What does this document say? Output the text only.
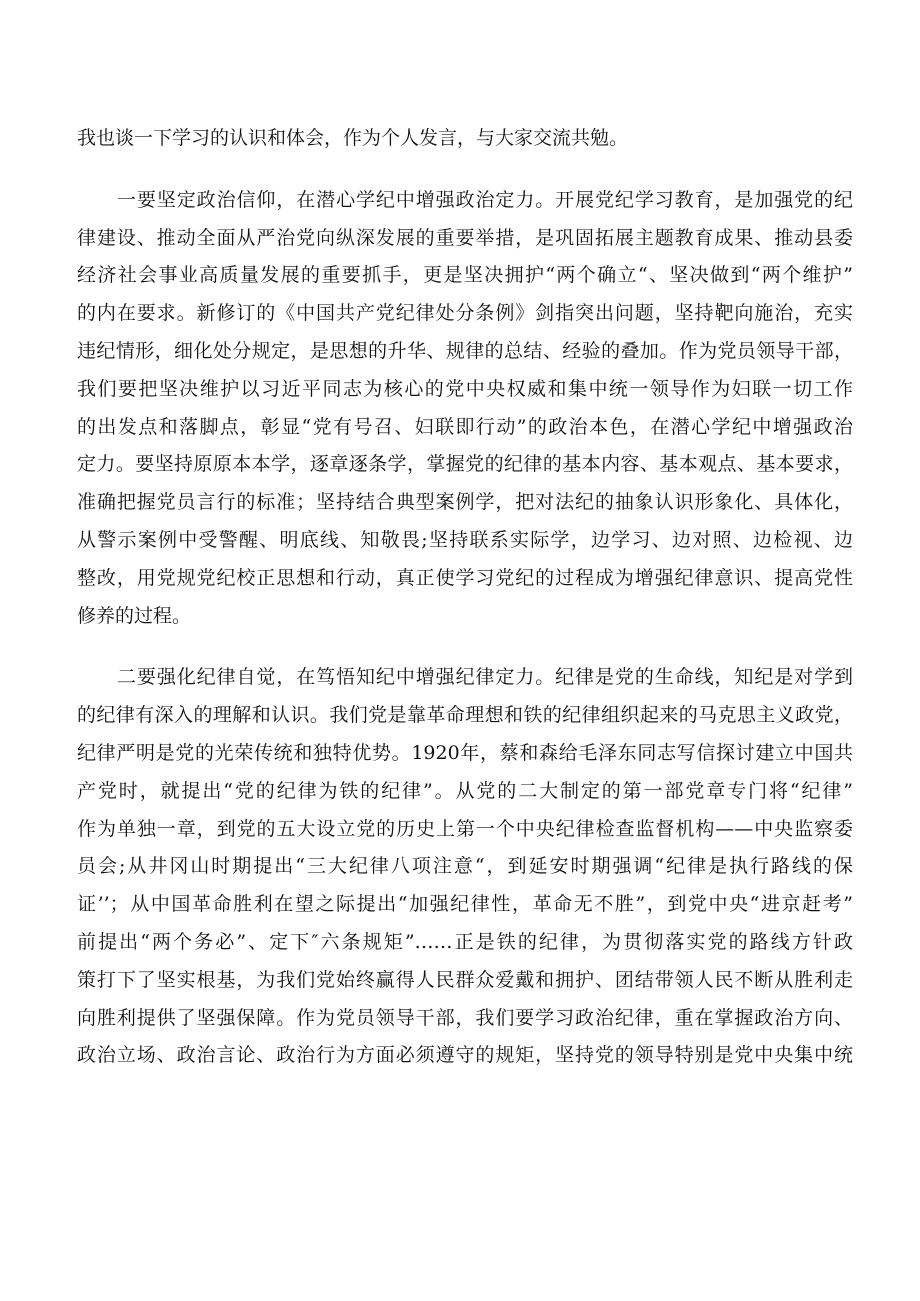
我也谈一下学习的认识和体会，作为个人发言，与大家交流共勉。
一要坚定政治信仰，在潜心学纪中增强政治定力。开展党纪学习教育，是加强党的纪
律建设、推动全面从严治党向纵深发展的重要举措，是巩固拓展主题教育成果、推动县委
经济社会事业高质量发展的重要抓手，更是坚决拥护“两个确立“、坚决做到“两个维护”
的内在要求。新修订的《中国共产党纪律处分条例》剑指突出问题，坚持靶向施治，充实
违纪情形，细化处分规定，是思想的升华、规律的总结、经验的叠加。作为党员领导干部，
我们要把坚决维护以习近平同志为核心的党中央权威和集中统一领导作为妇联一切工作
的出发点和落脚点，彰显“党有号召、妇联即行动”的政治本色，在潜心学纪中增强政治
定力。要坚持原原本本学，逐章逐条学，掌握党的纪律的基本内容、基本观点、基本要求，
准确把握党员言行的标准；坚持结合典型案例学，把对法纪的抽象认识形象化、具体化，
从警示案例中受警醒、明底线、知敬畏;坚持联系实际学，边学习、边对照、边检视、边
整改，用党规党纪校正思想和行动，真正使学习党纪的过程成为增强纪律意识、提高党性
修养的过程。
二要强化纪律自觉，在笃悟知纪中增强纪律定力。纪律是党的生命线，知纪是对学到
的纪律有深入的理解和认识。我们党是靠革命理想和铁的纪律组织起来的马克思主义政党，
纪律严明是党的光荣传统和独特优势。1920年，蔡和森给毛泽东同志写信探讨建立中国共
产党时，就提出“党的纪律为铁的纪律”。从党的二大制定的第一部党章专门将“纪律”
作为单独一章，到党的五大设立党的历史上第一个中央纪律检查监督机构——中央监察委
员会;从井冈山时期提出“三大纪律八项注意“，到延安时期强调“纪律是执行路线的保
证’’；从中国革命胜利在望之际提出“加强纪律性，革命无不胜”，到党中央“进京赶考”
前提出“两个务必”、定下″六条规矩”……正是铁的纪律，为贯彻落实党的路线方针政
策打下了坚实根基，为我们党始终赢得人民群众爱戴和拥护、团结带领人民不断从胜利走
向胜利提供了坚强保障。作为党员领导干部，我们要学习政治纪律，重在掌握政治方向、
政治立场、政治言论、政治行为方面必须遵守的规矩，坚持党的领导特别是党中央集中统
